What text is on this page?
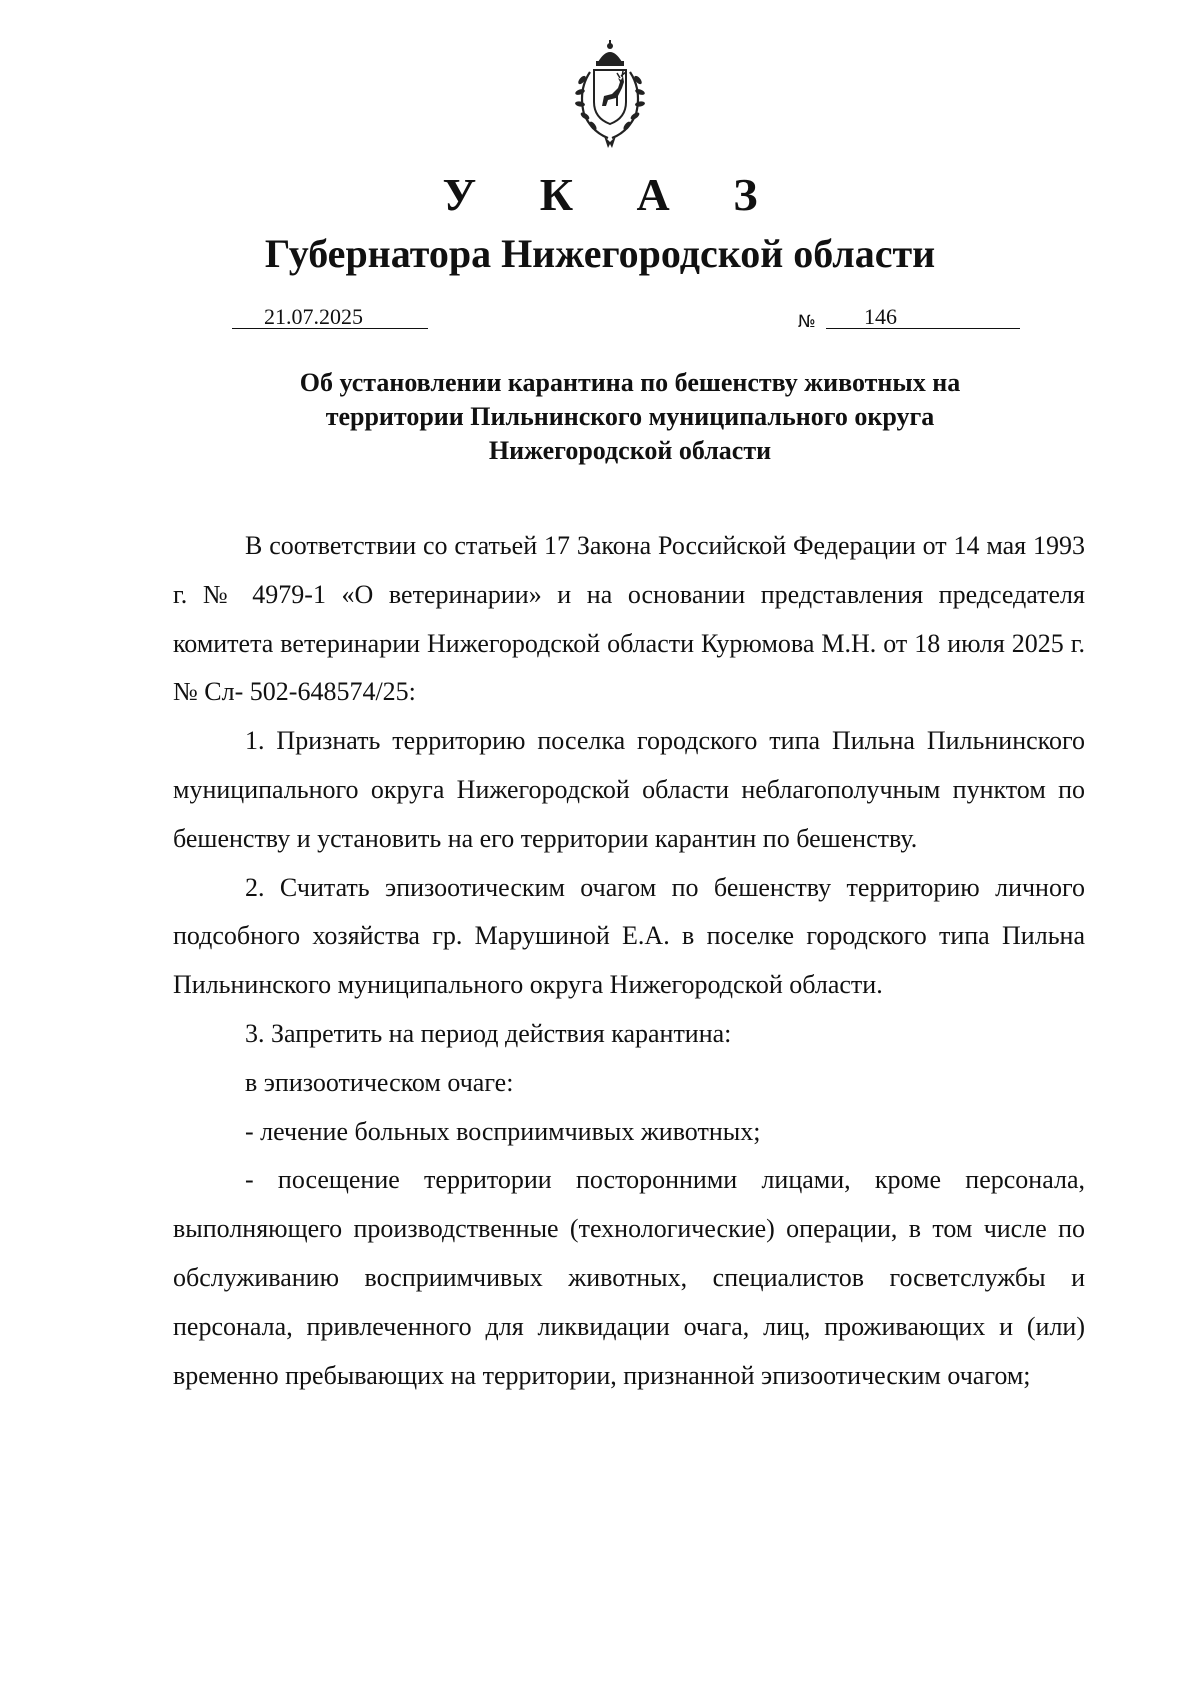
У К А З
Губернатора Нижегородской области
21.07.2025	№ 146
Об установлении карантина по бешенству животных на
территории Пильнинского муниципального округа
Нижегородской области

В соответствии со статьей 17 Закона Российской Федерации от 14 мая 1993 г. № 4979-1 «О ветеринарии» и на основании представления председателя комитета ветеринарии Нижегородской области Курюмова М.Н. от 18 июля 2025 г. № Сл- 502-648574/25:

1. Признать территорию поселка городского типа Пильна Пильнинского муниципального округа Нижегородской области неблагополучным пунктом по бешенству и установить на его территории карантин по бешенству.

2. Считать эпизоотическим очагом по бешенству территорию личного подсобного хозяйства гр. Марушиной Е.А. в поселке городского типа Пильна Пильнинского муниципального округа Нижегородской области.

3. Запретить на период действия карантина:

в эпизоотическом очаге:

- лечение больных восприимчивых животных;

- посещение территории посторонними лицами, кроме персонала, выполняющего производственные (технологические) операции, в том числе по обслуживанию восприимчивых животных, специалистов госветслужбы и персонала, привлеченного для ликвидации очага, лиц, проживающих и (или) временно пребывающих на территории, признанной эпизоотическим очагом;
